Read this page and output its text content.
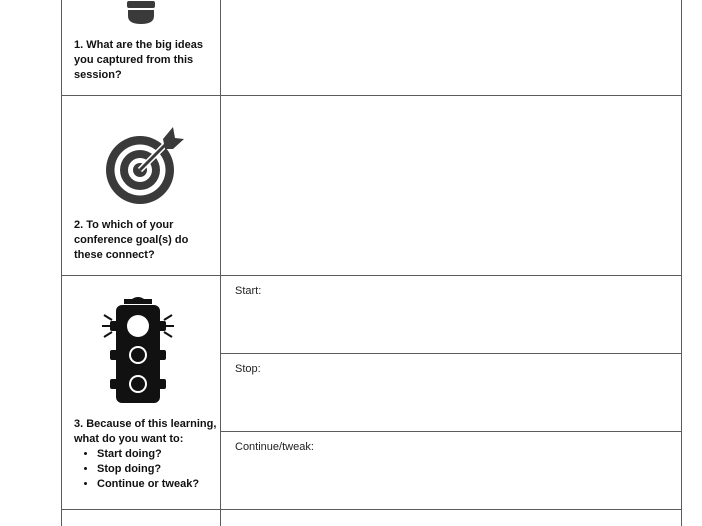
1. What are the big ideas you captured from this session?
2. To which of your conference goal(s) do these connect?
3. Because of this learning, what do you want to:
• Start doing?
• Stop doing?
• Continue or tweak?
Start:
Stop:
Continue/tweak:
